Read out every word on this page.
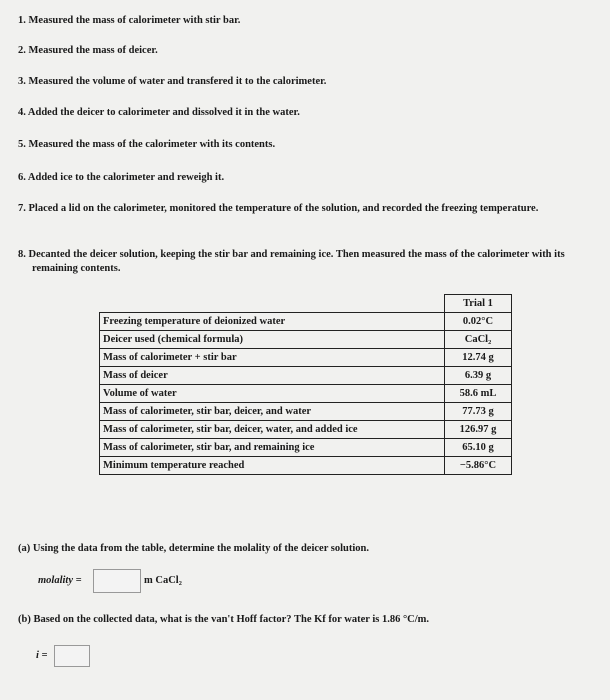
1. Measured the mass of calorimeter with stir bar.
2. Measured the mass of deicer.
3. Measured the volume of water and transfered it to the calorimeter.
4. Added the deicer to calorimeter and dissolved it in the water.
5. Measured the mass of the calorimeter with its contents.
6. Added ice to the calorimeter and reweigh it.
7. Placed a lid on the calorimeter, monitored the temperature of the solution, and recorded the freezing temperature.
8. Decanted the deicer solution, keeping the stir bar and remaining ice. Then measured the mass of the calorimeter with its remaining contents.
	Trial 1
Freezing temperature of deionized water	0.02°C
Deicer used (chemical formula)	CaCl₂
Mass of calorimeter + stir bar	12.74 g
Mass of deicer	6.39 g
Volume of water	58.6 mL
Mass of calorimeter, stir bar, deicer, and water	77.73 g
Mass of calorimeter, stir bar, deicer, water, and added ice	126.97 g
Mass of calorimeter, stir bar, and remaining ice	65.10 g
Minimum temperature reached	−5.86°C
(a) Using the data from the table, determine the molality of the deicer solution.
molality =	m CaCl₂
(b) Based on the collected data, what is the van't Hoff factor? The Kf for water is 1.86 °C/m.
i =
